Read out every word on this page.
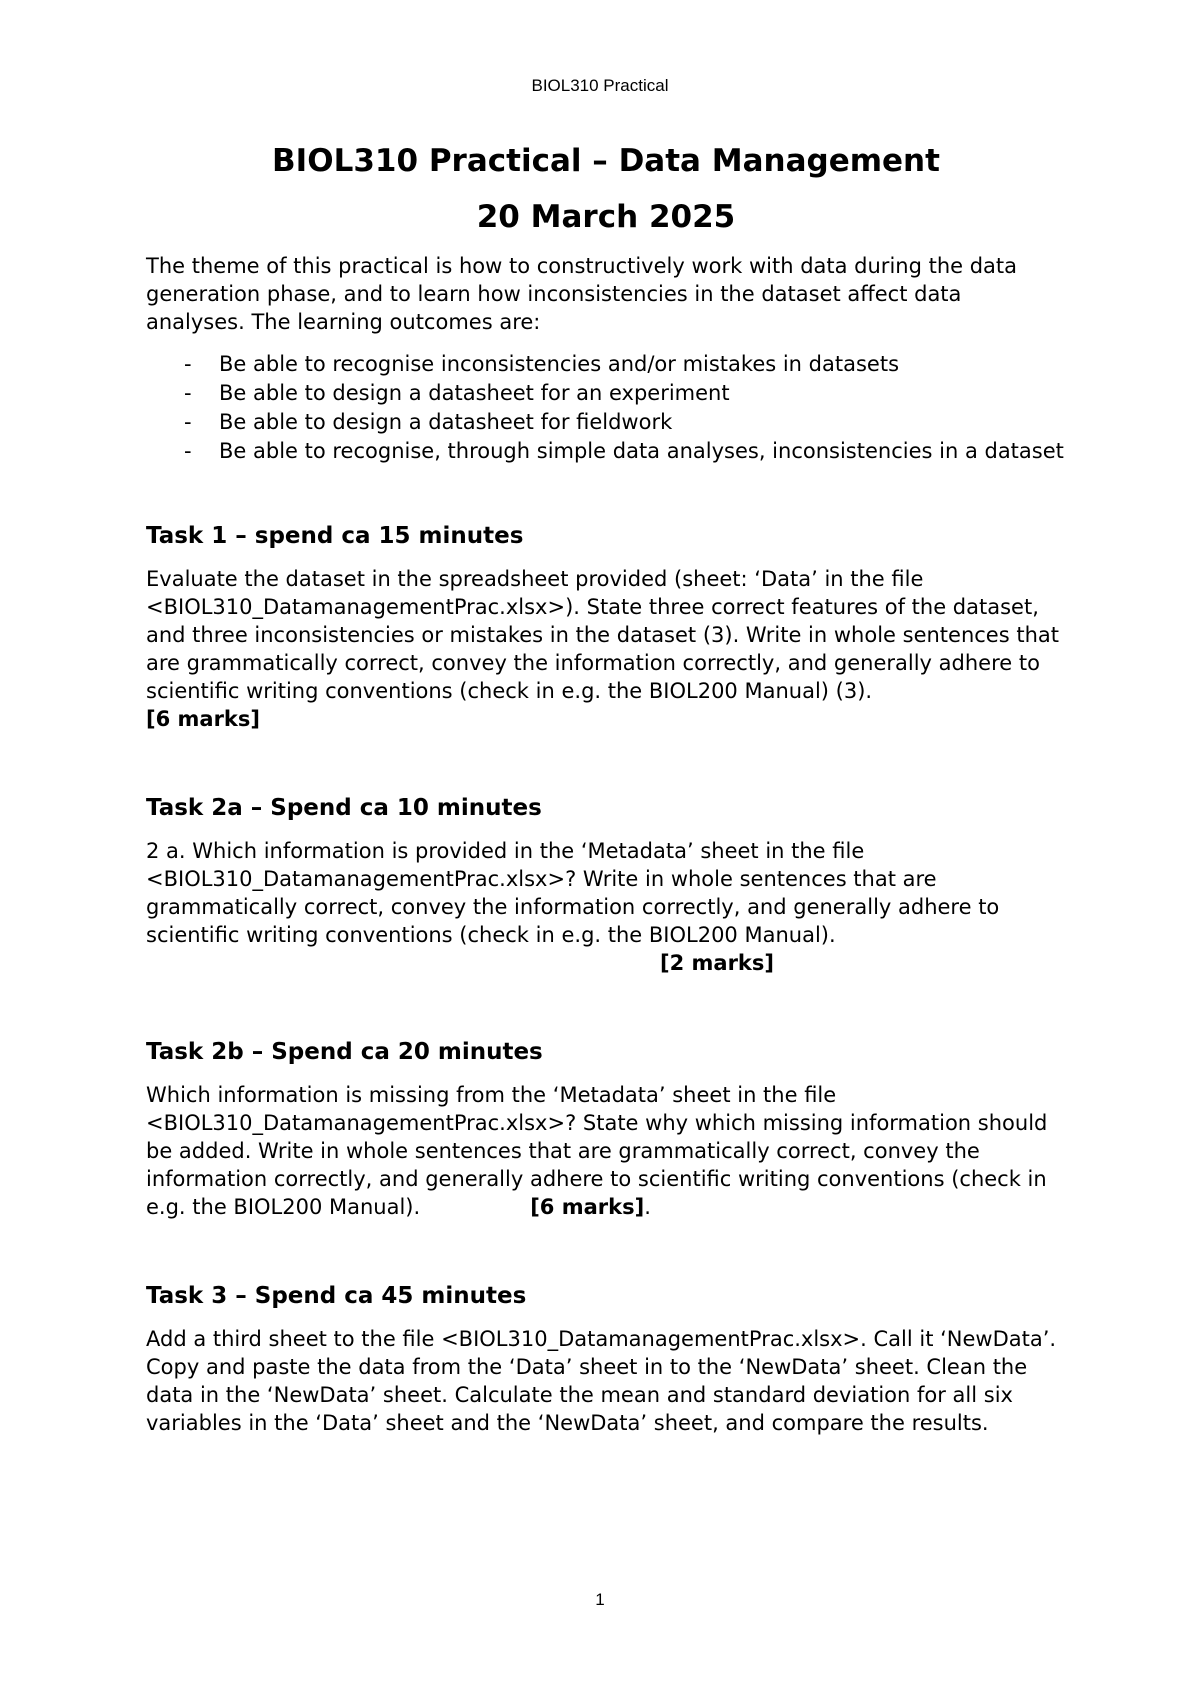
BIOL310 Practical
BIOL310 Practical – Data Management
20 March 2025

The theme of this practical is how to constructively work with data during the data generation phase, and to learn how inconsistencies in the dataset affect data analyses. The learning outcomes are:

- Be able to recognise inconsistencies and/or mistakes in datasets
- Be able to design a datasheet for an experiment
- Be able to design a datasheet for fieldwork
- Be able to recognise, through simple data analyses, inconsistencies in a dataset
Task 1 – spend ca 15 minutes

Evaluate the dataset in the spreadsheet provided (sheet: ‘Data’ in the file <BIOL310_DatamanagementPrac.xlsx>). State three correct features of the dataset, and three inconsistencies or mistakes in the dataset (3). Write in whole sentences that are grammatically correct, convey the information correctly, and generally adhere to scientific writing conventions (check in e.g. the BIOL200 Manual) (3).[6 marks]

Task 2a – Spend ca 10 minutes

2 a. Which information is provided in the ‘Metadata’ sheet in the file <BIOL310_DatamanagementPrac.xlsx>? Write in whole sentences that are grammatically correct, convey the information correctly, and generally adhere to scientific writing conventions (check in e.g. the BIOL200 Manual).
[2 marks]

Task 2b – Spend ca 20 minutes

Which information is missing from the ‘Metadata’ sheet in the file <BIOL310_DatamanagementPrac.xlsx>? State why which missing information should be added. Write in whole sentences that are grammatically correct, convey the information correctly, and generally adhere to scientific writing conventions (check in e.g. the BIOL200 Manual).	[6 marks].

Task 3 – Spend ca 45 minutes

Add a third sheet to the file <BIOL310_DatamanagementPrac.xlsx>. Call it ‘NewData’. Copy and paste the data from the ‘Data’ sheet in to the ‘NewData’ sheet. Clean the data in the ‘NewData’ sheet. Calculate the mean and standard deviation for all six variables in the ‘Data’ sheet and the ‘NewData’ sheet, and compare the results.

1
